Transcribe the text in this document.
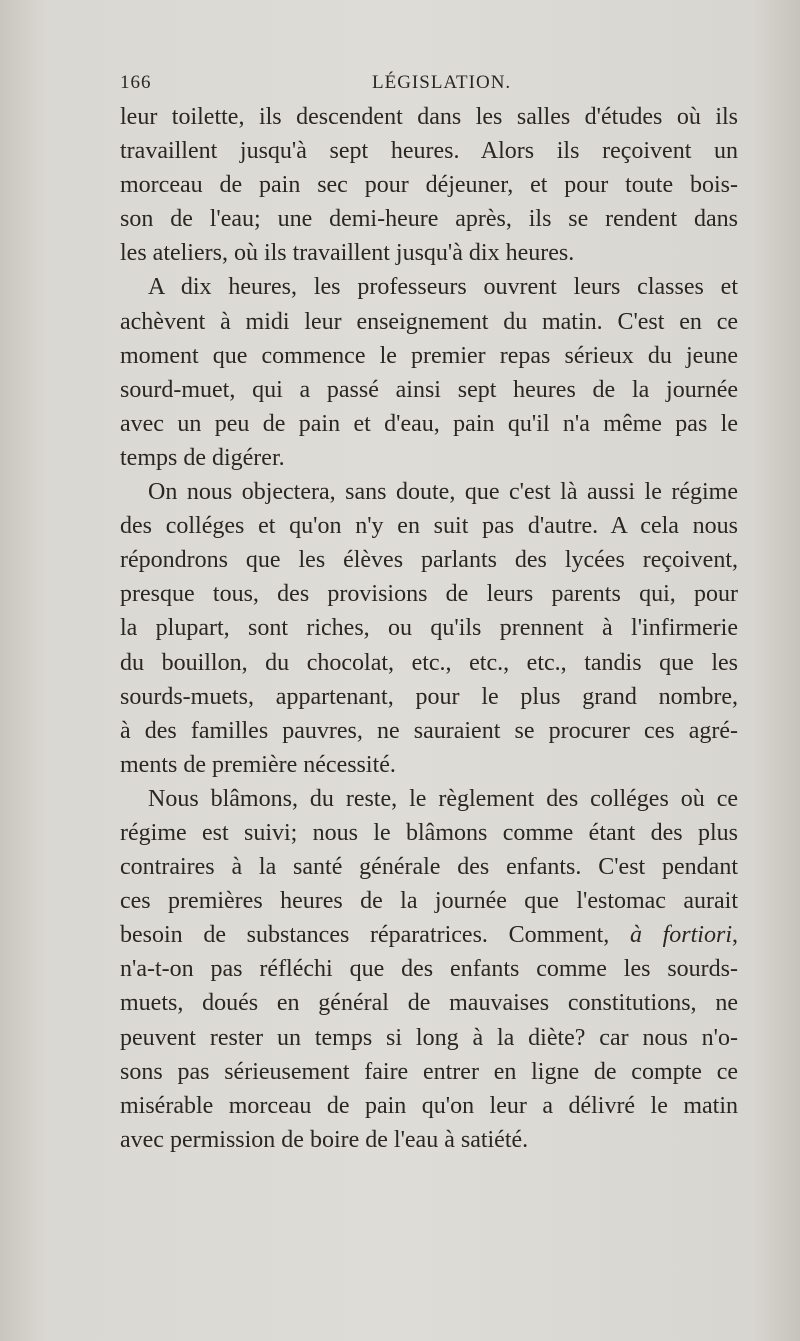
166	LÉGISLATION.
leur toilette, ils descendent dans les salles d'études où ils
travaillent jusqu'à sept heures. Alors ils reçoivent un
morceau de pain sec pour déjeuner, et pour toute bois-
son de l'eau; une demi-heure après, ils se rendent dans
les ateliers, où ils travaillent jusqu'à dix heures.
A dix heures, les professeurs ouvrent leurs classes et
achèvent à midi leur enseignement du matin. C'est en ce
moment que commence le premier repas sérieux du jeune
sourd-muet, qui a passé ainsi sept heures de la journée
avec un peu de pain et d'eau, pain qu'il n'a même pas le
temps de digérer.
On nous objectera, sans doute, que c'est là aussi le régime
des colléges et qu'on n'y en suit pas d'autre. A cela nous
répondrons que les élèves parlants des lycées reçoivent,
presque tous, des provisions de leurs parents qui, pour
la plupart, sont riches, ou qu'ils prennent à l'infirmerie
du bouillon, du chocolat, etc., etc., etc., tandis que les
sourds-muets, appartenant, pour le plus grand nombre,
à des familles pauvres, ne sauraient se procurer ces agré-
ments de première nécessité.
Nous blâmons, du reste, le règlement des colléges où ce
régime est suivi; nous le blâmons comme étant des plus
contraires à la santé générale des enfants. C'est pendant
ces premières heures de la journée que l'estomac aurait
besoin de substances réparatrices. Comment, à fortiori,
n'a-t-on pas réfléchi que des enfants comme les sourds-
muets, doués en général de mauvaises constitutions, ne
peuvent rester un temps si long à la diète? car nous n'o-
sons pas sérieusement faire entrer en ligne de compte ce
misérable morceau de pain qu'on leur a délivré le matin
avec permission de boire de l'eau à satiété.
